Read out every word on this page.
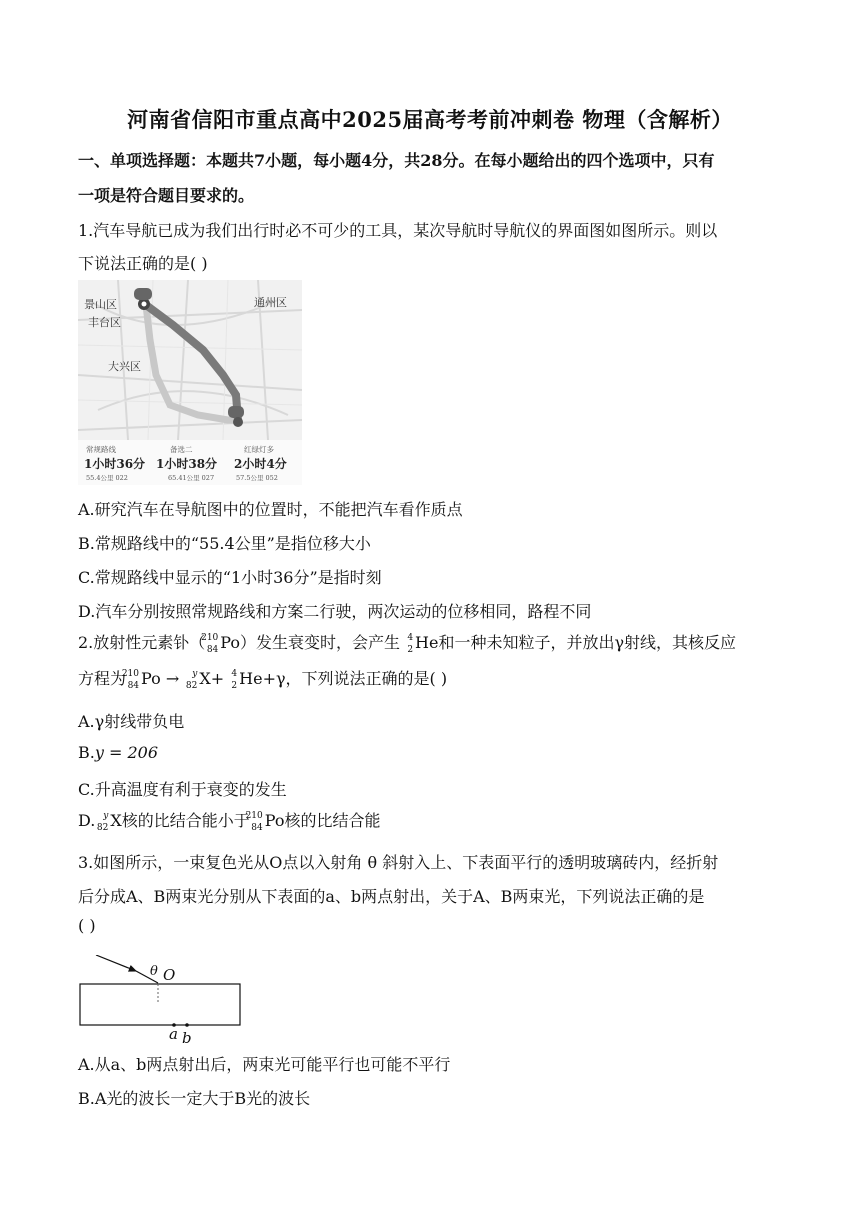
河南省信阳市重点高中2025届高考考前冲刺卷 物理（含解析）
一、单项选择题：本题共7小题，每小题4分，共28分。在每小题给出的四个选项中，只有
一项是符合题目要求的。
1.汽车导航已成为我们出行时必不可少的工具，某次导航时导航仪的界面图如图所示。则以
下说法正确的是( )
景山区	通州区
丰台区
大兴区
常规路线
1小时36分
55.4公里 022
备选二
1小时38分
65.41公里 027
红绿灯多
2小时4分
57.5公里 052
A.研究汽车在导航图中的位置时，不能把汽车看作质点
B.常规路线中的“55.4公里”是指位移大小
C.常规路线中显示的“1小时36分”是指时刻
D.汽车分别按照常规路线和方案二行驶，两次运动的位移相同，路程不同
2.放射性元素钋（
210
84 Po）发生衰变时，会产生 4
2 He和一种未知粒子，并放出γ射线，其核反应
方程为
210
84 Po → y
82 X+ 4
2 He+γ，下列说法正确的是( )
A.γ射线带负电
B.y = 206
C.升高温度有利于衰变的发生
D. y
82 X核的比结合能小于
210
84 Po核的比结合能
3.如图所示，一束复色光从O点以入射角 θ 斜射入上、下表面平行的透明玻璃砖内，经折射
后分成A、B两束光分别从下表面的a、b两点射出，关于A、B两束光，下列说法正确的是
( )
θ O
a b
A.从a、b两点射出后，两束光可能平行也可能不平行
B.A光的波长一定大于B光的波长
